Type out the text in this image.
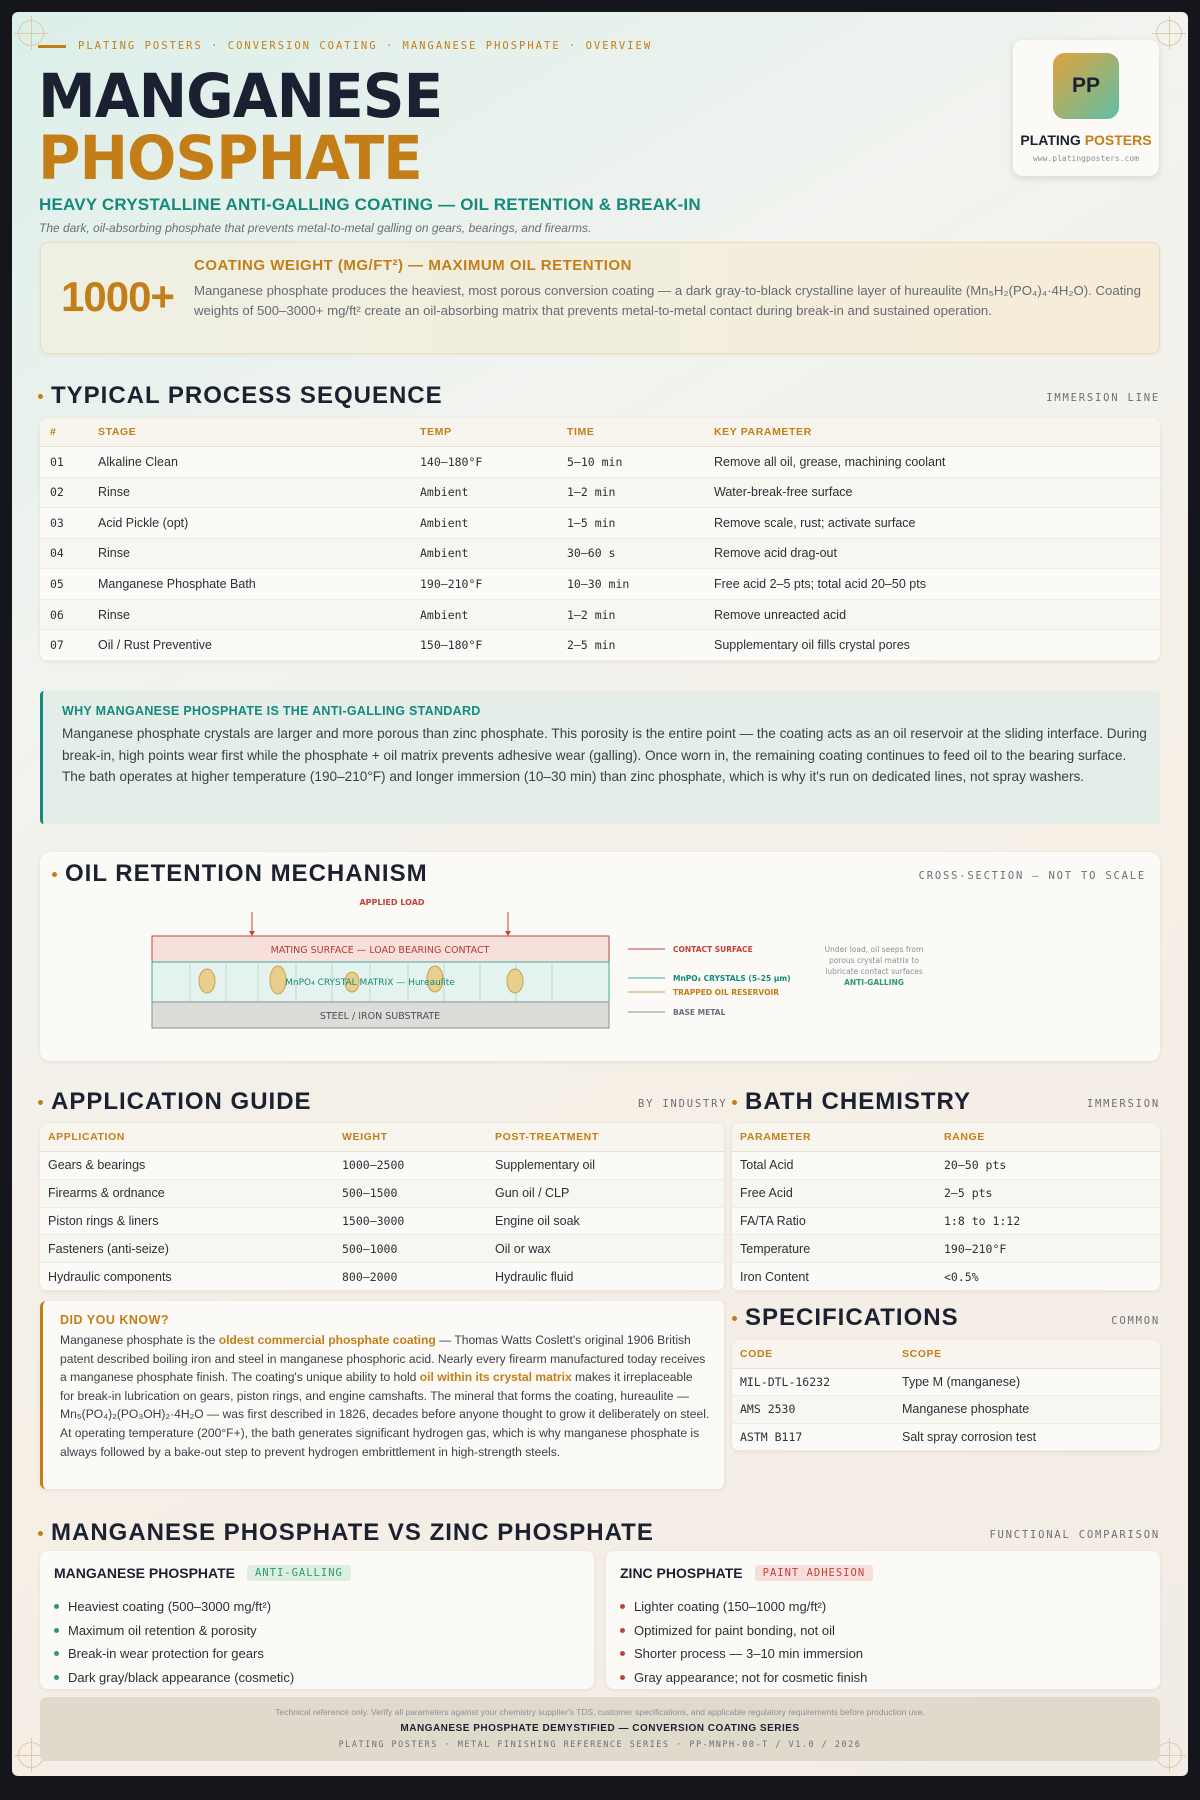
PLATING POSTERS · CONVERSION COATING · MANGANESE PHOSPHATE · OVERVIEW
MANGANESE
PHOSPHATE
HEAVY CRYSTALLINE ANTI-GALLING COATING — OIL RETENTION & BREAK-IN
The dark, oil-absorbing phosphate that prevents metal-to-metal galling on gears, bearings, and firearms.
PP
PLATING POSTERS
www.platingposters.com
1000+
COATING WEIGHT (MG/FT²) — MAXIMUM OIL RETENTION
Manganese phosphate produces the heaviest, most porous conversion coating — a dark gray-to-black crystalline layer of hureaulite (Mn₅H₂(PO₄)₄·4H₂O). Coating weights of 500–3000+ mg/ft² create an oil-absorbing matrix that prevents metal-to-metal contact during break-in and sustained operation.
TYPICAL PROCESS SEQUENCE	IMMERSION LINE
#	STAGE	TEMP	TIME	KEY PARAMETER
01	Alkaline Clean	140–180°F	5–10 min	Remove all oil, grease, machining coolant
02	Rinse	Ambient	1–2 min	Water-break-free surface
03	Acid Pickle (opt)	Ambient	1–5 min	Remove scale, rust; activate surface
04	Rinse	Ambient	30–60 s	Remove acid drag-out
05	Manganese Phosphate Bath	190–210°F	10–30 min	Free acid 2–5 pts; total acid 20–50 pts
06	Rinse	Ambient	1–2 min	Remove unreacted acid
07	Oil / Rust Preventive	150–180°F	2–5 min	Supplementary oil fills crystal pores
WHY MANGANESE PHOSPHATE IS THE ANTI-GALLING STANDARD
Manganese phosphate crystals are larger and more porous than zinc phosphate. This porosity is the entire point — the coating acts as an oil reservoir at the sliding interface. During break-in, high points wear first while the phosphate + oil matrix prevents adhesive wear (galling). Once worn in, the remaining coating continues to feed oil to the bearing surface. The bath operates at higher temperature (190–210°F) and longer immersion (10–30 min) than zinc phosphate, which is why it's run on dedicated lines, not spray washers.
OIL RETENTION MECHANISM	CROSS-SECTION — NOT TO SCALE
APPLIED LOAD
MATING SURFACE — LOAD BEARING CONTACT
MnPO₄ CRYSTAL MATRIX — Hureaulite
STEEL / IRON SUBSTRATE
CONTACT SURFACE
MnPO₄ CRYSTALS (5–25 µm)
TRAPPED OIL RESERVOIR
BASE METAL
Under load, oil seeps from
porous crystal matrix to
lubricate contact surfaces
ANTI-GALLING
APPLICATION GUIDE	BY INDUSTRY
APPLICATION	WEIGHT	POST-TREATMENT
Gears & bearings	1000–2500	Supplementary oil
Firearms & ordnance	500–1500	Gun oil / CLP
Piston rings & liners	1500–3000	Engine oil soak
Fasteners (anti-seize)	500–1000	Oil or wax
Hydraulic components	800–2000	Hydraulic fluid
BATH CHEMISTRY	IMMERSION
PARAMETER	RANGE
Total Acid	20–50 pts
Free Acid	2–5 pts
FA/TA Ratio	1:8 to 1:12
Temperature	190–210°F
Iron Content	<0.5%
DID YOU KNOW?
Manganese phosphate is the oldest commercial phosphate coating — Thomas Watts Coslett's original 1906 British patent described boiling iron and steel in manganese phosphoric acid. Nearly every firearm manufactured today receives a manganese phosphate finish. The coating's unique ability to hold oil within its crystal matrix makes it irreplaceable for break-in lubrication on gears, piston rings, and engine camshafts. The mineral that forms the coating, hureaulite — Mn₅(PO₄)₂(PO₃OH)₂·4H₂O — was first described in 1826, decades before anyone thought to grow it deliberately on steel. At operating temperature (200°F+), the bath generates significant hydrogen gas, which is why manganese phosphate is always followed by a bake-out step to prevent hydrogen embrittlement in high-strength steels.
SPECIFICATIONS	COMMON
CODE	SCOPE
MIL-DTL-16232	Type M (manganese)
AMS 2530	Manganese phosphate
ASTM B117	Salt spray corrosion test
MANGANESE PHOSPHATE VS ZINC PHOSPHATE	FUNCTIONAL COMPARISON
MANGANESE PHOSPHATE	ANTI-GALLING
Heaviest coating (500–3000 mg/ft²)
Maximum oil retention & porosity
Break-in wear protection for gears
Dark gray/black appearance (cosmetic)
ZINC PHOSPHATE	PAINT ADHESION
Lighter coating (150–1000 mg/ft²)
Optimized for paint bonding, not oil
Shorter process — 3–10 min immersion
Gray appearance; not for cosmetic finish
Technical reference only. Verify all parameters against your chemistry supplier's TDS, customer specifications, and applicable regulatory requirements before production use.
MANGANESE PHOSPHATE DEMYSTIFIED — CONVERSION COATING SERIES
PLATING POSTERS · METAL FINISHING REFERENCE SERIES · PP-MNPH-00-T / V1.0 / 2026
